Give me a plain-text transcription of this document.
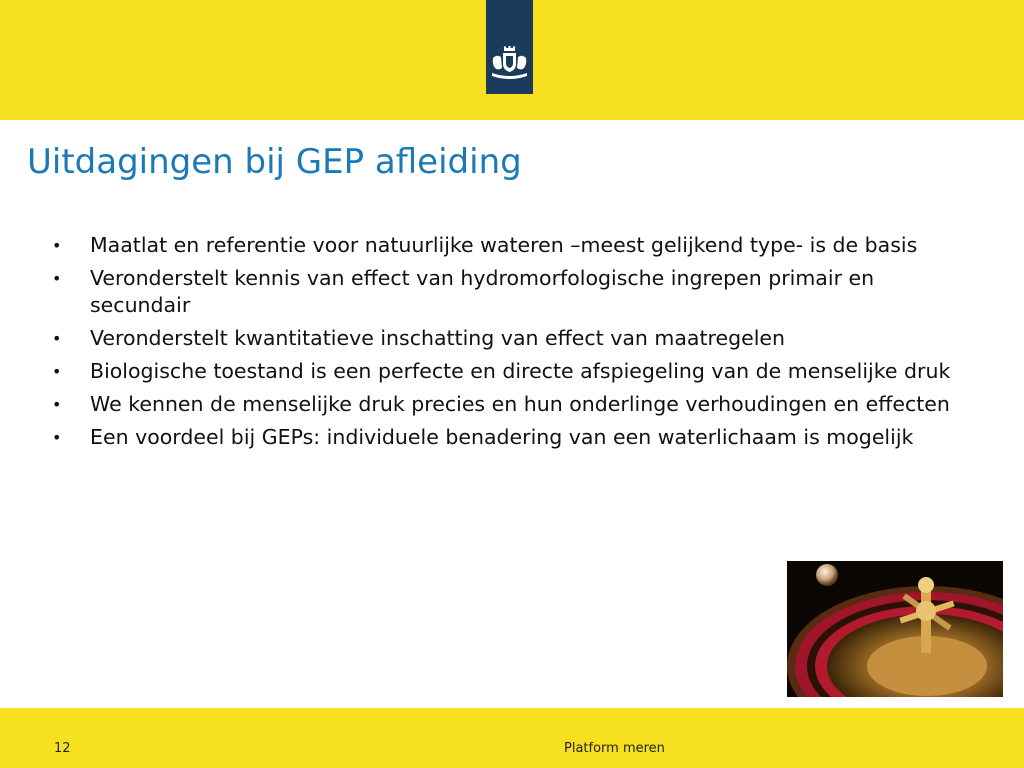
Uitdagingen bij GEP afleiding
• Maatlat en referentie voor natuurlijke wateren –meest gelijkend type- is de basis
• Veronderstelt kennis van effect van hydromorfologische ingrepen primair en secundair
• Veronderstelt kwantitatieve inschatting van effect van maatregelen
• Biologische toestand is een perfecte en directe afspiegeling van de menselijke druk
• We kennen de menselijke druk precies en hun onderlinge verhoudingen en effecten
• Een voordeel bij GEPs: individuele benadering van een waterlichaam is mogelijk
12	Platform meren
